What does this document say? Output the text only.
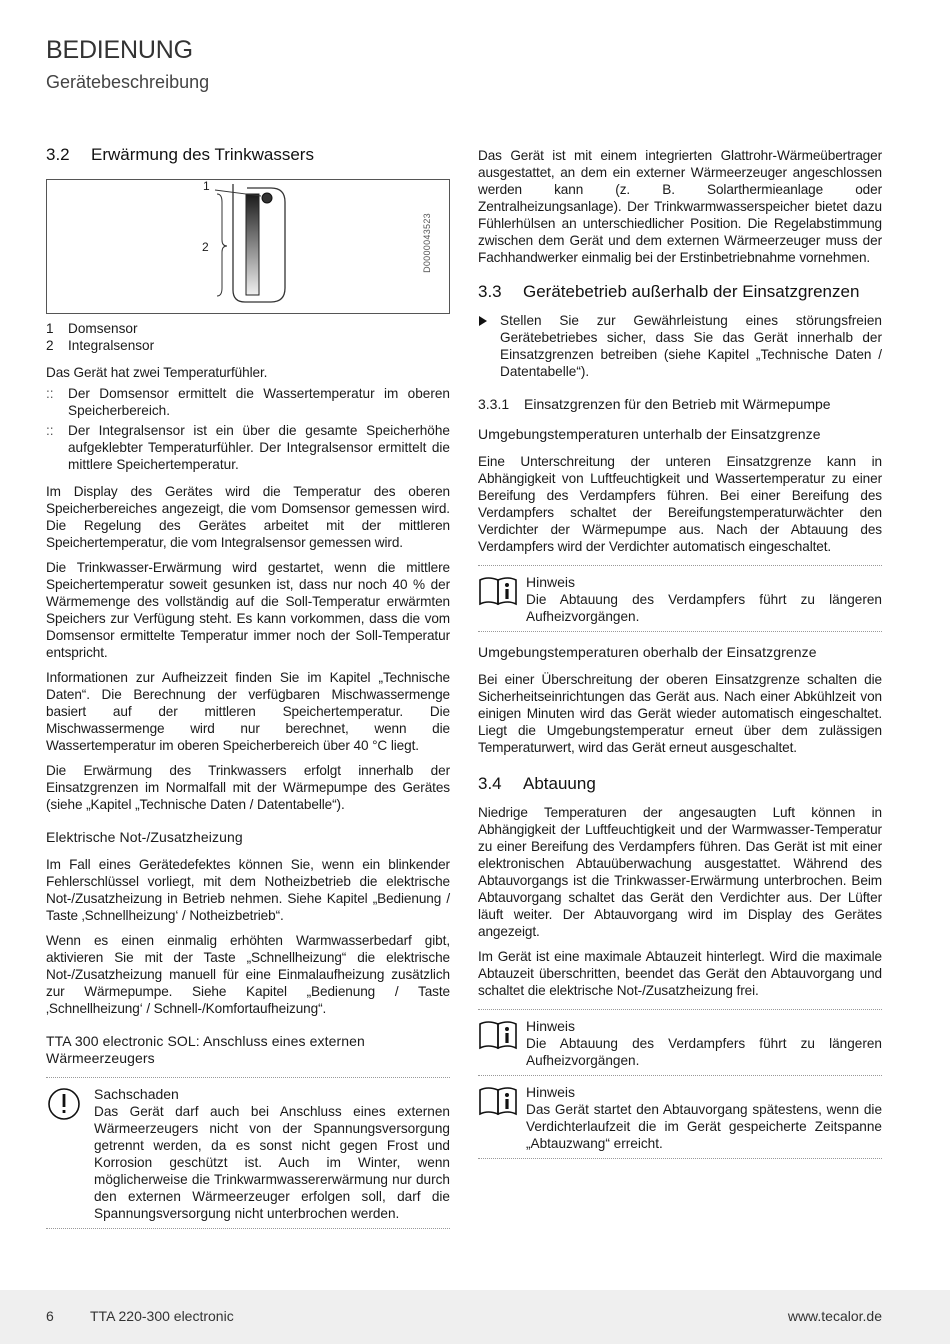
BEDIENUNG
Gerätebeschreibung
3.2	Erwärmung des Trinkwassers
1
2	D0000043523
1	Domsensor
2	Integralsensor

Das Gerät hat zwei Temperaturfühler.

::	Der Domsensor ermittelt die Wassertemperatur im oberen Speicherbereich.
::	Der Integralsensor ist ein über die gesamte Speicherhöhe aufgeklebter Temperaturfühler. Der Integralsensor ermittelt die mittlere Speichertemperatur.

Im Display des Gerätes wird die Temperatur des oberen Speicherbereiches angezeigt, die vom Domsensor gemessen wird. Die Regelung des Gerätes arbeitet mit der mittleren Speichertemperatur, die vom Integralsensor gemessen wird.

Die Trinkwasser-Erwärmung wird gestartet, wenn die mittlere Speichertemperatur soweit gesunken ist, dass nur noch 40 % der Wärmemenge des vollständig auf die Soll-Temperatur erwärmten Speichers zur Verfügung steht. Es kann vorkommen, dass die vom Domsensor ermittelte Temperatur immer noch der Soll-Temperatur entspricht.

Informationen zur Aufheizzeit finden Sie im Kapitel „Technische Daten“. Die Berechnung der verfügbaren Mischwassermenge basiert auf der mittleren Speichertemperatur. Die Mischwassermenge wird nur berechnet, wenn die Wassertemperatur im oberen Speicherbereich über 40 °C liegt.

Die Erwärmung des Trinkwassers erfolgt innerhalb der Einsatzgrenzen im Normalfall mit der Wärmepumpe des Gerätes (siehe „Kapitel „Technische Daten / Datentabelle“).

Elektrische Not-/Zusatzheizung

Im Fall eines Gerätedefektes können Sie, wenn ein blinkender Fehlerschlüssel vorliegt, mit dem Notheizbetrieb die elektrische Not-/Zusatzheizung in Betrieb nehmen. Siehe Kapitel „Bedienung / Taste ‚Schnellheizung‘ / Notheizbetrieb“.

Wenn es einen einmalig erhöhten Warmwasserbedarf gibt, aktivieren Sie mit der Taste „Schnellheizung“ die elektrische Not-/Zusatzheizung manuell für eine Einmalaufheizung zusätzlich zur Wärmepumpe. Siehe Kapitel „Bedienung / Taste ‚Schnellheizung‘ / Schnell-/Komfortaufheizung“.

TTA 300 electronic SOL: Anschluss eines externen Wärmeerzeugers
Sachschaden
Das Gerät darf auch bei Anschluss eines externen Wärmeerzeugers nicht von der Spannungsversorgung getrennt werden, da es sonst nicht gegen Frost und Korrosion geschützt ist. Auch im Winter, wenn möglicherweise die Trinkwarmwassererwärmung nur durch den externen Wärmeerzeuger erfolgen soll, darf die Spannungsversorgung nicht unterbrochen werden.

Das Gerät ist mit einem integrierten Glattrohr-Wärmeübertrager ausgestattet, an dem ein externer Wärmeerzeuger angeschlossen werden kann (z. B. Solarthermieanlage oder Zentralheizungsanlage). Der Trinkwarmwasserspeicher bietet dazu Fühlerhülsen an unterschiedlicher Position. Die Regelabstimmung zwischen dem Gerät und dem externen Wärmeerzeuger muss der Fachhandwerker einmalig bei der Erstinbetriebnahme vornehmen.

3.3	Gerätebetrieb außerhalb der Einsatzgrenzen
Stellen Sie zur Gewährleistung eines störungsfreien Gerätebetriebes sicher, dass Sie das Gerät innerhalb der Einsatzgrenzen betreiben (siehe Kapitel „Technische Daten / Datentabelle“).
3.3.1	Einsatzgrenzen für den Betrieb mit Wärmepumpe
Umgebungstemperaturen unterhalb der Einsatzgrenze

Eine Unterschreitung der unteren Einsatzgrenze kann in Abhängigkeit von Luftfeuchtigkeit und Wassertemperatur zu einer Bereifung des Verdampfers führen. Bei einer Bereifung des Verdampfers schaltet der Bereifungstemperaturwächter den Verdichter der Wärmepumpe aus. Nach der Abtauung des Verdampfers wird der Verdichter automatisch eingeschaltet.

Hinweis
Die Abtauung des Verdampfers führt zu längeren Aufheizvorgängen.
Umgebungstemperaturen oberhalb der Einsatzgrenze

Bei einer Überschreitung der oberen Einsatzgrenze schalten die Sicherheitseinrichtungen das Gerät aus. Nach einer Abkühlzeit von einigen Minuten wird das Gerät wieder automatisch eingeschaltet. Liegt die Umgebungstemperatur erneut über dem zulässigen Temperaturwert, wird das Gerät erneut ausgeschaltet.

3.4	Abtauung

Niedrige Temperaturen der angesaugten Luft können in Abhängigkeit der Luftfeuchtigkeit und der Warmwasser-Temperatur zu einer Bereifung des Verdampfers führen. Das Gerät ist mit einer elektronischen Abtauüberwachung ausgestattet. Während des Abtauvorgangs ist die Trinkwasser-Erwärmung unterbrochen. Beim Abtauvorgang schaltet das Gerät den Verdichter aus. Der Lüfter läuft weiter. Der Abtauvorgang wird im Display des Gerätes angezeigt.

Im Gerät ist eine maximale Abtauzeit hinterlegt. Wird die maximale Abtauzeit überschritten, beendet das Gerät den Abtauvorgang und schaltet die elektrische Not-/Zusatzheizung frei.

Hinweis
Die Abtauung des Verdampfers führt zu längeren Aufheizvorgängen.
Hinweis
Das Gerät startet den Abtauvorgang spätestens, wenn die Verdichterlaufzeit die im Gerät gespeicherte Zeitspanne „Abtauzwang“ erreicht.
6	TTA 220-300 electronic	www.tecalor.de
